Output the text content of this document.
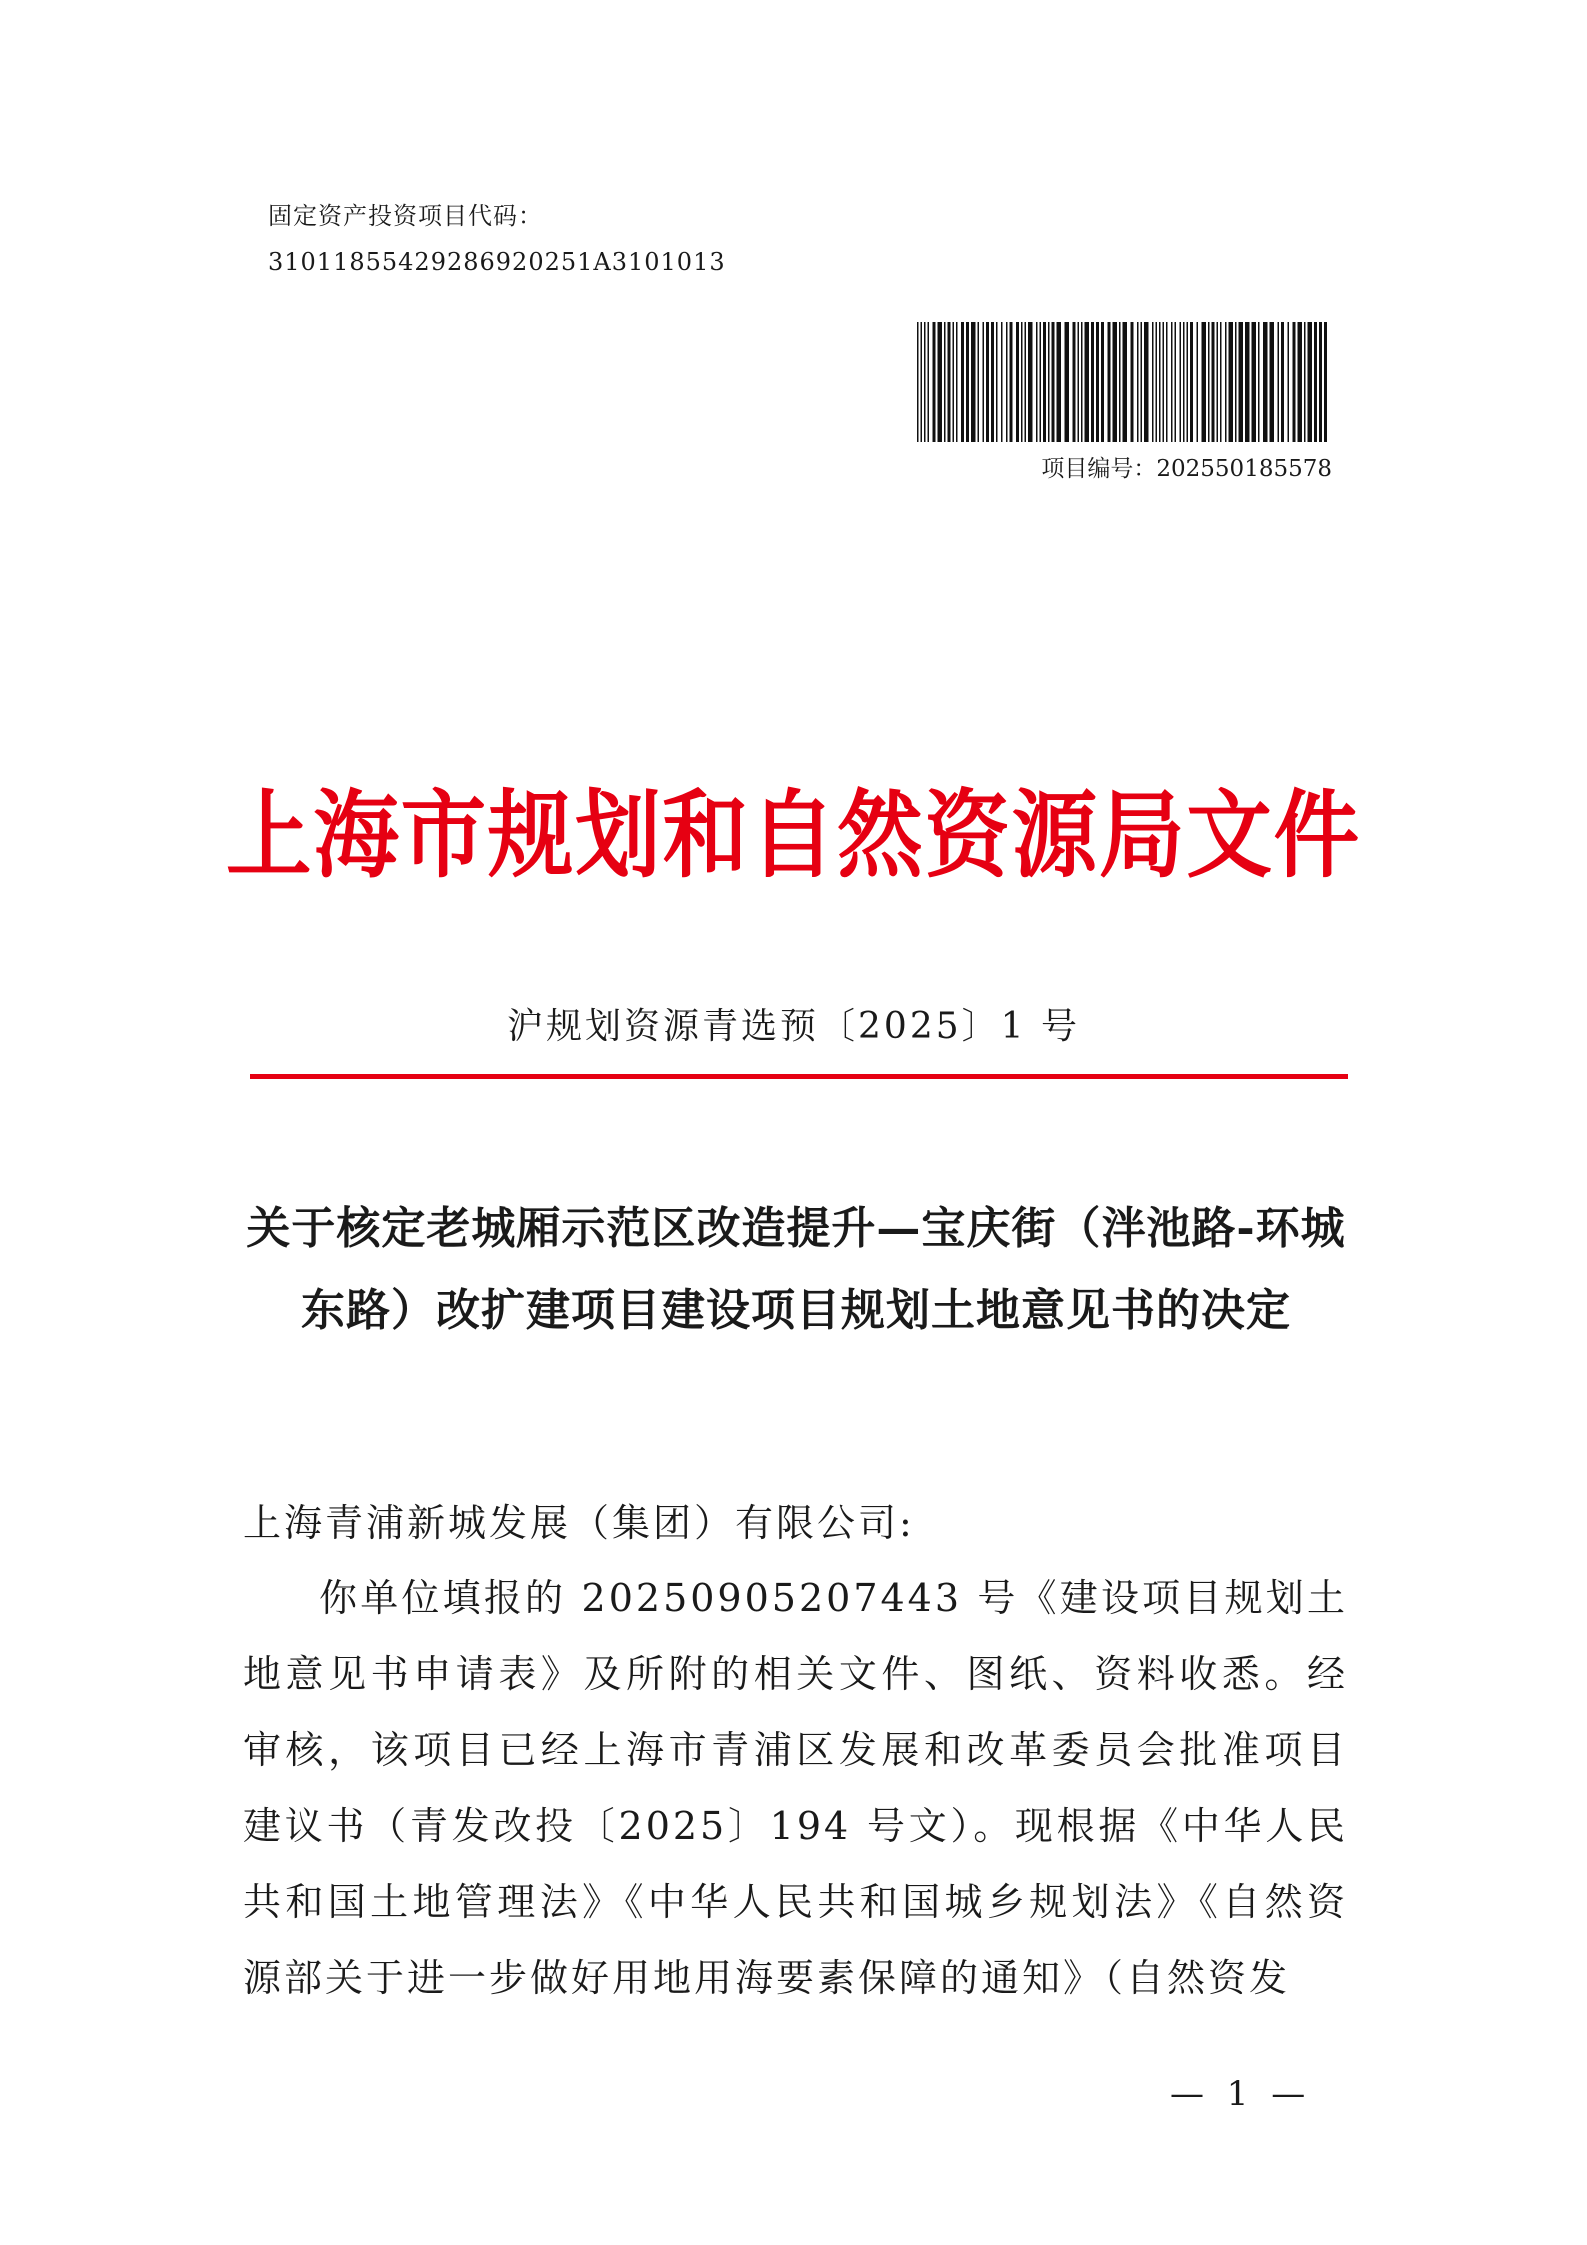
固定资产投资项目代码：
31011855429286920251A3101013
项目编号：202550185578
上海市规划和自然资源局文件
沪规划资源青选预〔2025〕1 号
关于核定老城厢示范区改造提升—宝庆街（泮池路-环城东路）改扩建项目建设项目规划土地意见书的决定
上海青浦新城发展（集团）有限公司:

你单位填报的 20250905207443 号《建设项目规划土地意见书申请表》及所附的相关文件、图纸、资料收悉。经审核，该项目已经上海市青浦区发展和改革委员会批准项目建议书（青发改投〔2025〕194 号文）。现根据《中华人民共和国土地管理法》《中华人民共和国城乡规划法》《自然资源部关于进一步做好用地用海要素保障的通知》（自然资发

— 1 —
